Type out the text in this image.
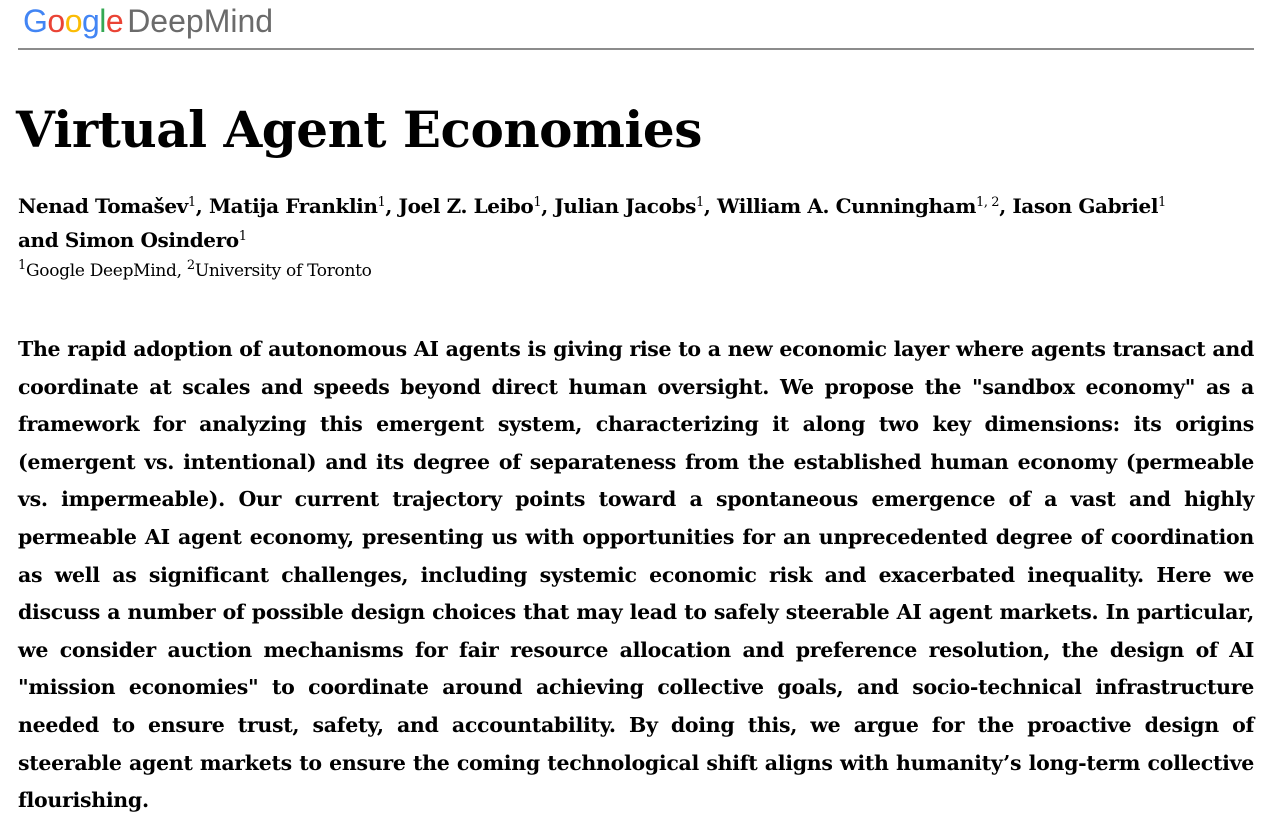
Google DeepMind
Virtual Agent Economies
Nenad Tomašev$^1$, Matija Franklin$^1$, Joel Z. Leibo$^1$, Julian Jacobs$^1$, William A. Cunningham$^{1, 2}$, Iason Gabriel$^1$
and Simon Osindero$^1$
$^1$Google DeepMind, $^2$University of Toronto

The rapid adoption of autonomous AI agents is giving rise to a new economic layer where agents transact and coordinate at scales and speeds beyond direct human oversight. We propose the "sandbox economy" as a framework for analyzing this emergent system, characterizing it along two key dimensions: its origins (emergent vs. intentional) and its degree of separateness from the established human economy (permeable vs. impermeable). Our current trajectory points toward a spontaneous emergence of a vast and highly permeable AI agent economy, presenting us with opportunities for an unprecedented degree of coordination as well as significant challenges, including systemic economic risk and exacerbated inequality. Here we discuss a number of possible design choices that may lead to safely steerable AI agent markets. In particular, we consider auction mechanisms for fair resource allocation and preference resolution, the design of AI "mission economies" to coordinate around achieving collective goals, and socio-technical infrastructure needed to ensure trust, safety, and accountability. By doing this, we argue for the proactive design of steerable agent markets to ensure the coming technological shift aligns with humanity’s long-term collective flourishing.
